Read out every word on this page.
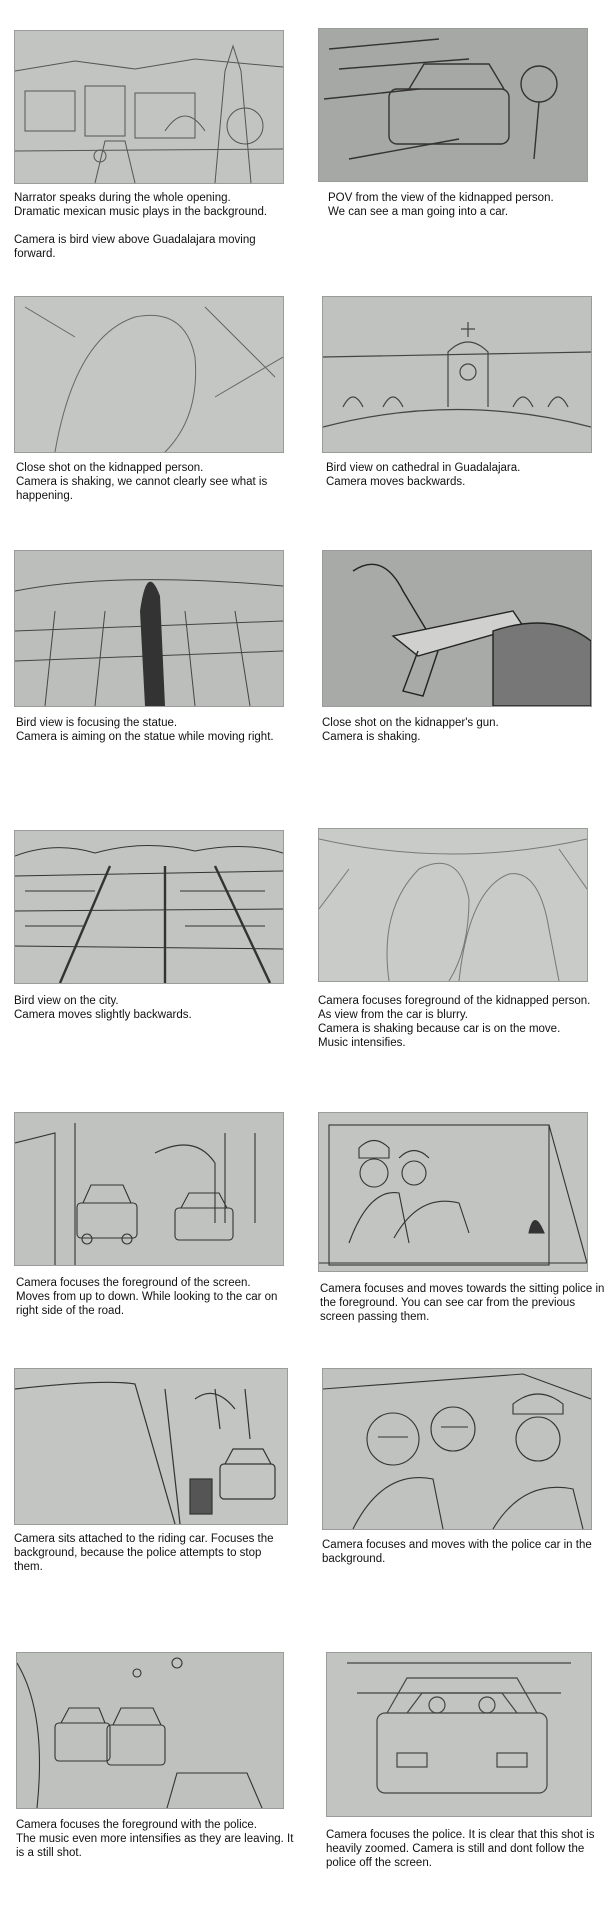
Narrator speaks during the whole opening.
Dramatic mexican music plays in the background.

Camera is bird view above Guadalajara moving forward.
POV from the view of the kidnapped person.
We can see a man going into a car.
Close shot on the kidnapped person.
Camera is shaking, we cannot clearly see what is happening.
Bird view on cathedral in Guadalajara.
Camera moves backwards.
Bird view is focusing the statue.
Camera is aiming on the statue while moving right.
Close shot on the kidnapper's gun.
Camera is shaking.
Bird view on the city.
Camera moves slightly backwards.
Camera focuses foreground of the kidnapped person. As view from the car is blurry.
Camera is shaking because car is on the move.
Music intensifies.
Camera focuses the foreground of the screen.
Moves from up to down. While looking to the car on right side of the road.
Camera focuses and moves towards the sitting police in the foreground. You can see car from the previous screen passing them.
Camera sits attached to the riding car. Focuses the background, because the police attempts to stop them.
Camera focuses and moves with the police car in the background.
Camera focuses the foreground with the police.
The music even more intensifies as they are leaving. It is a still shot.
Camera focuses the police. It is clear that this shot is heavily zoomed. Camera is still and dont follow the police off the screen.
